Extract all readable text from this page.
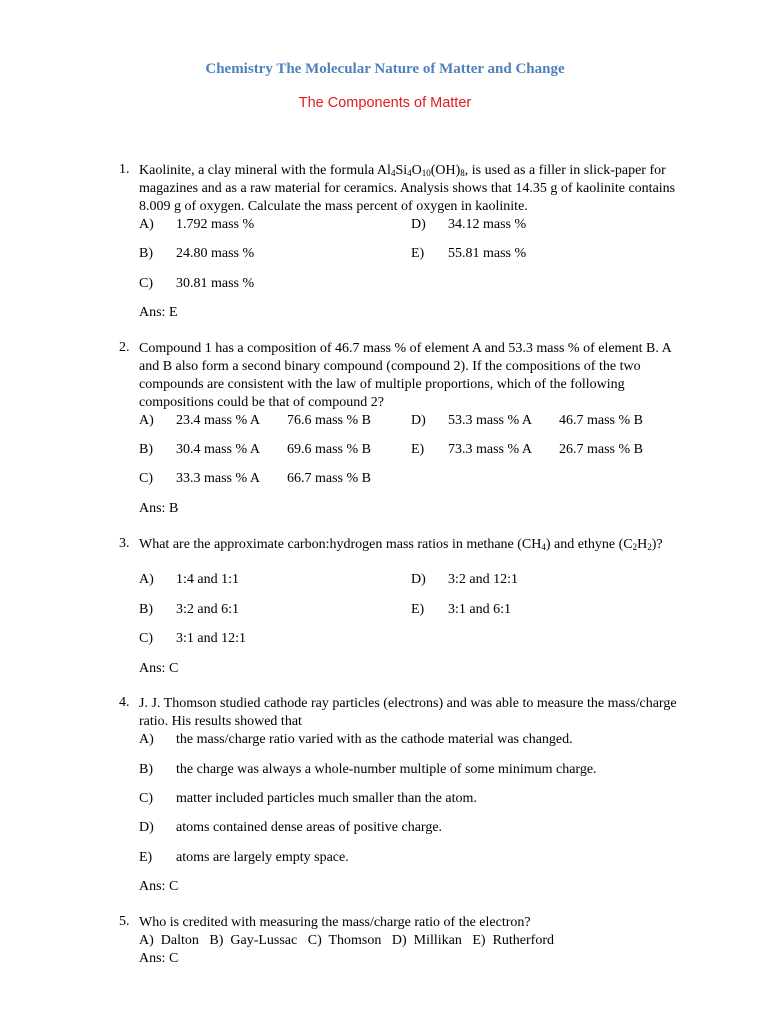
Chemistry The Molecular Nature of Matter and Change
The Components of Matter
1. Kaolinite, a clay mineral with the formula $Al_4Si_4O_{10}(OH)_8$, is used as a filler in slick-paper for magazines and as a raw material for ceramics. Analysis shows that 14.35 g of kaolinite contains 8.009 g of oxygen. Calculate the mass percent of oxygen in kaolinite.
A) 1.792 mass %
B) 24.80 mass %
C) 30.81 mass %
D) 34.12 mass %
E) 55.81 mass %
Ans: E
2. Compound 1 has a composition of 46.7 mass % of element A and 53.3 mass % of element B. A and B also form a second binary compound (compound 2). If the compositions of the two compounds are consistent with the law of multiple proportions, which of the following compositions could be that of compound 2?
A) 23.4 mass % A 76.6 mass % B
B) 30.4 mass % A 69.6 mass % B
C) 33.3 mass % A 66.7 mass % B
D) 53.3 mass % A 46.7 mass % B
E) 73.3 mass % A 26.7 mass % B
Ans: B
3. What are the approximate carbon:hydrogen mass ratios in methane $(CH_4)$ and ethyne $(C_2H_2)$?
A) 1:4 and 1:1
B) 3:2 and 6:1
C) 3:1 and 12:1
D) 3:2 and 12:1
E) 3:1 and 6:1
Ans: C
4. J. J. Thomson studied cathode ray particles (electrons) and was able to measure the mass/charge ratio. His results showed that
A) the mass/charge ratio varied with as the cathode material was changed.
B) the charge was always a whole-number multiple of some minimum charge.
C) matter included particles much smaller than the atom.
D) atoms contained dense areas of positive charge.
E) atoms are largely empty space.
Ans: C
5. Who is credited with measuring the mass/charge ratio of the electron?
A)  Dalton   B)  Gay-Lussac   C)  Thomson   D)  Millikan   E)  Rutherford
Ans: C
